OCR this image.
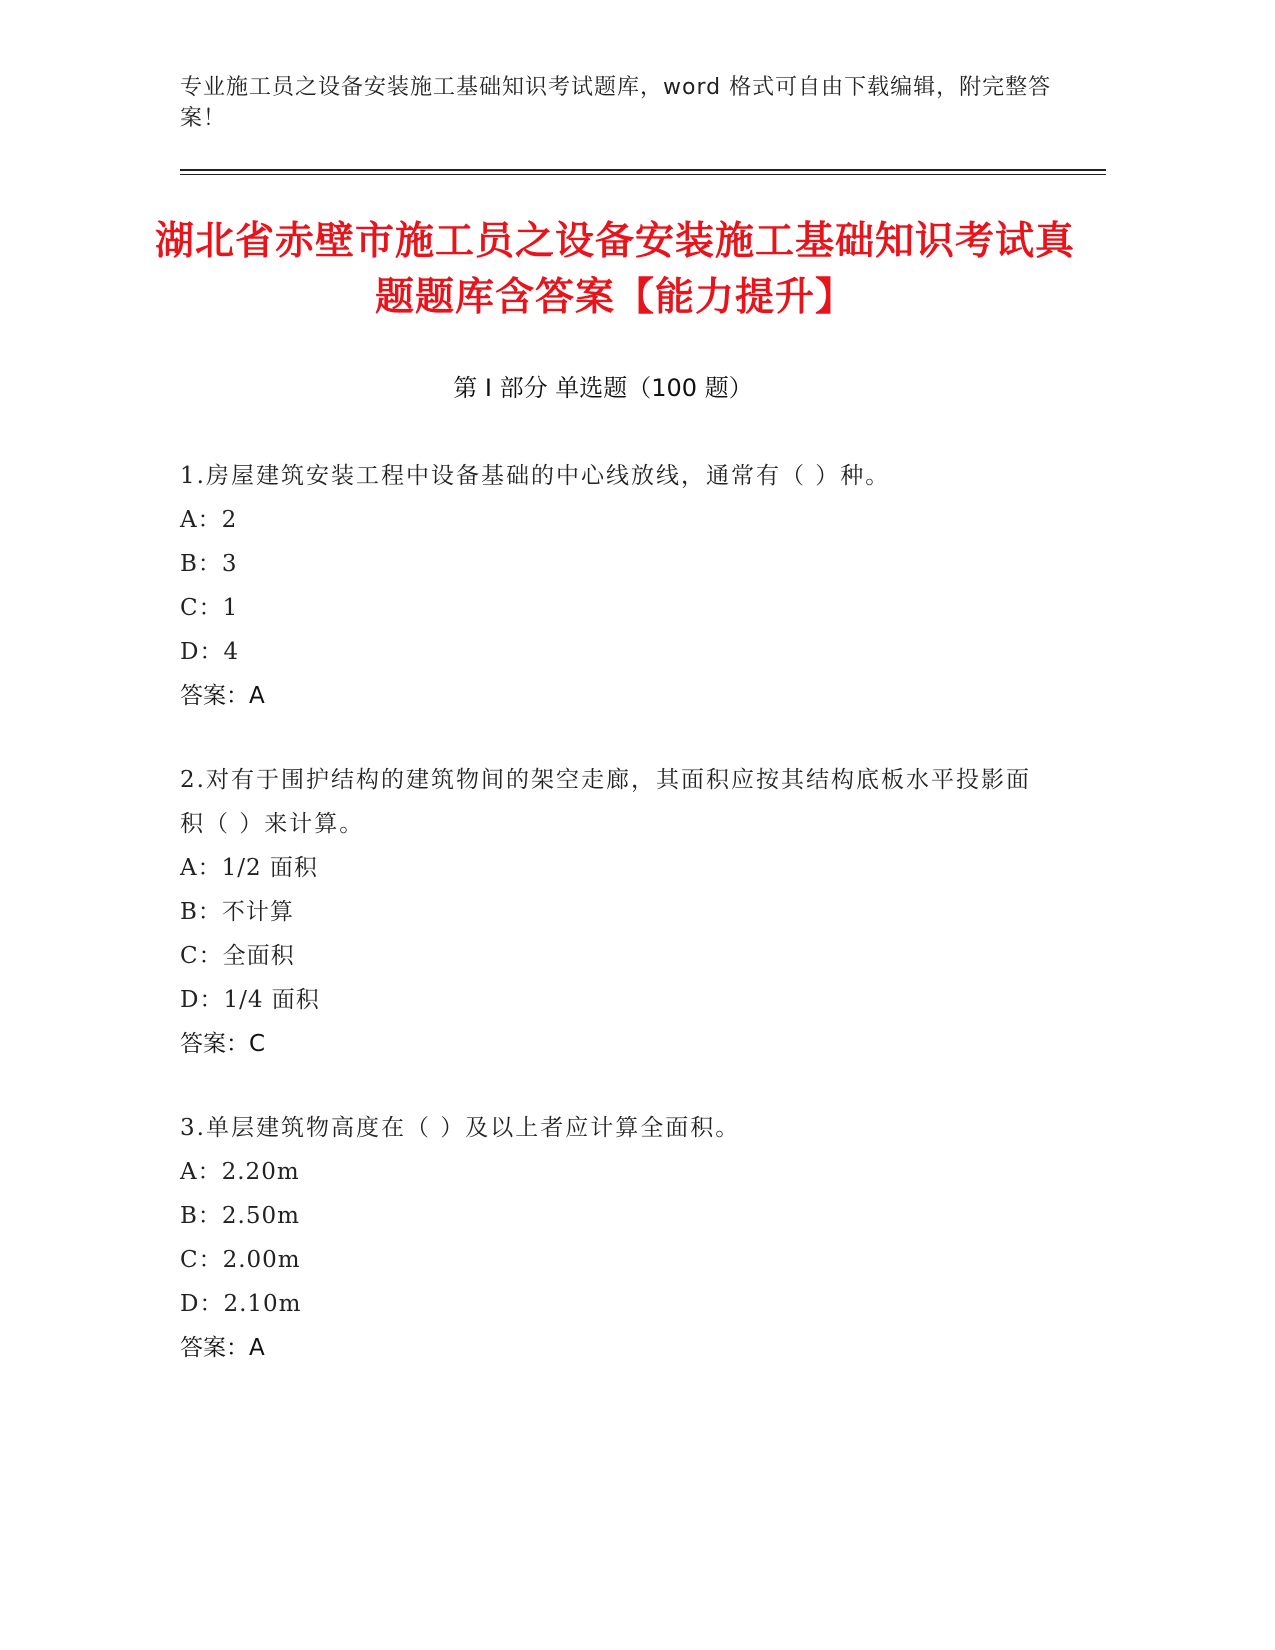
专业施工员之设备安装施工基础知识考试题库，word 格式可自由下载编辑，附完整答案！
湖北省赤壁市施工员之设备安装施工基础知识考试真题题库含答案【能力提升】
第 I 部分 单选题（100 题）
1.房屋建筑安装工程中设备基础的中心线放线，通常有（ ）种。
A：2
B：3
C：1
D：4
答案：A
2.对有于围护结构的建筑物间的架空走廊，其面积应按其结构底板水平投影面积（ ）来计算。
A：1/2 面积
B：不计算
C：全面积
D：1/4 面积
答案：C
3.单层建筑物高度在（ ）及以上者应计算全面积。
A：2.20m
B：2.50m
C：2.00m
D：2.10m
答案：A
